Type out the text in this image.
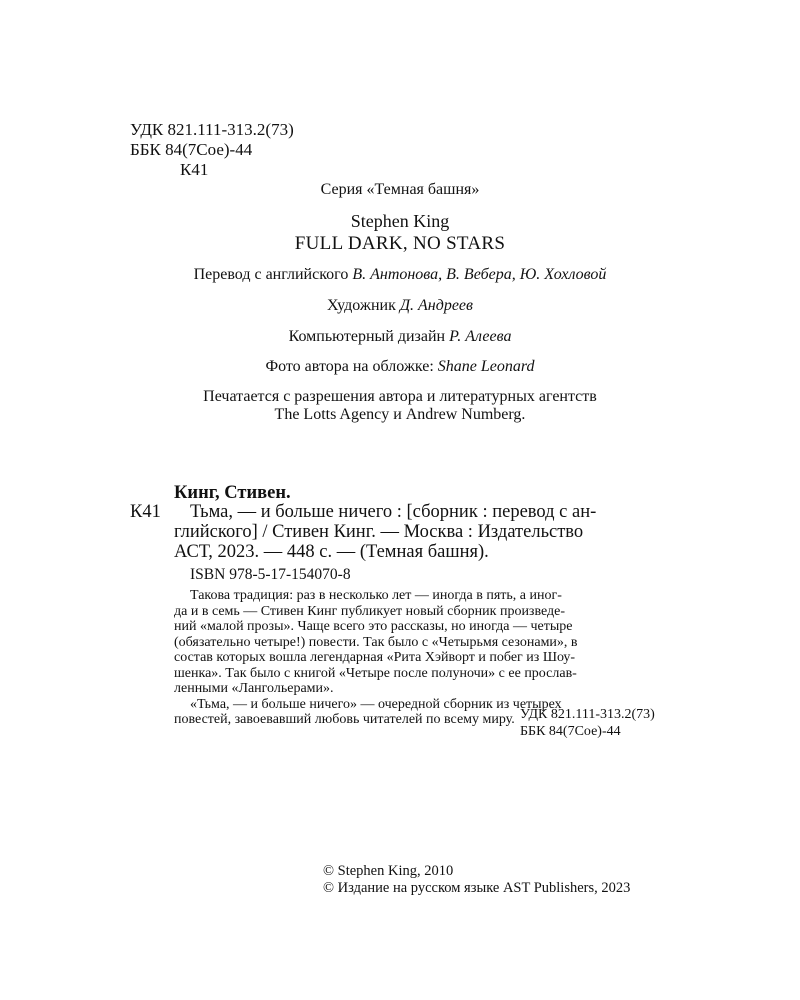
УДК 821.111-313.2(73)
ББК 84(7Сое)-44
К41
Серия «Темная башня»
Stephen King
FULL DARK, NO STARS
Перевод с английского В. Антонова, В. Вебера, Ю. Хохловой
Художник Д. Андреев
Компьютерный дизайн Р. Алеева
Фото автора на обложке: Shane Leonard
Печатается с разрешения автора и литературных агентств
The Lotts Agency и Andrew Numberg.
Кинг, Стивен.
К41 Тьма, — и больше ничего : [сборник : перевод с ан-
глийского] / Стивен Кинг. — Москва : Издательство
АСТ, 2023. — 448 с. — (Темная башня).
ISBN 978-5-17-154070-8
Такова традиция: раз в несколько лет — иногда в пять, а иног-
да и в семь — Стивен Кинг публикует новый сборник произведе-
ний «малой прозы». Чаще всего это рассказы, но иногда — четыре
(обязательно четыре!) повести. Так было с «Четырьмя сезонами», в
состав которых вошла легендарная «Рита Хэйворт и побег из Шоу-
шенка». Так было с книгой «Четыре после полуночи» с ее прослав-
ленными «Лангольерами».
«Тьма, — и больше ничего» — очередной сборник из четырех
повестей, завоевавший любовь читателей по всему миру. УДК 821.111-313.2(73)
ББК 84(7Сое)-44
© Stephen King, 2010
© Издание на русском языке AST Publishers, 2023
